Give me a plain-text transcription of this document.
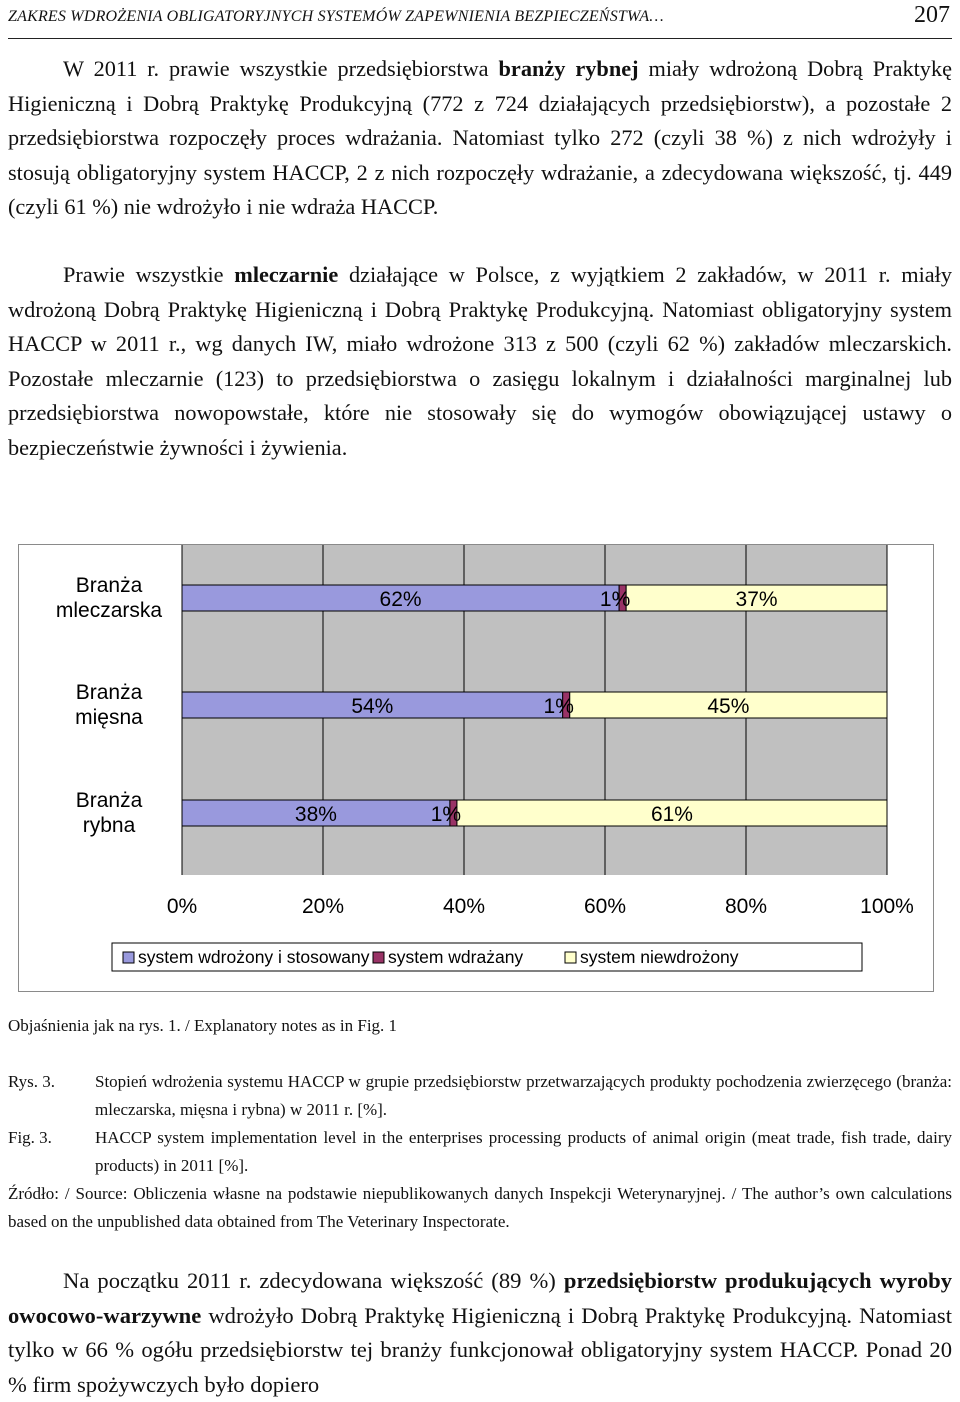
ZAKRES WDROŻENIA OBLIGATORYJNYCH SYSTEMÓW ZAPEWNIENIA BEZPIECZEŃSTWA…	207

W 2011 r. prawie wszystkie przedsiębiorstwa branży rybnej miały wdrożoną Dobrą Praktykę Higieniczną i Dobrą Praktykę Produkcyjną (772 z 724 działających przedsiębiorstw), a pozostałe 2 przedsiębiorstwa rozpoczęły proces wdrażania. Natomiast tylko 272 (czyli 38 %) z nich wdrożyły i stosują obligatoryjny system HACCP, 2 z nich rozpoczęły wdrażanie, a zdecydowana większość, tj. 449 (czyli 61 %) nie wdrożyło i nie wdraża HACCP.

Prawie wszystkie mleczarnie działające w Polsce, z wyjątkiem 2 zakładów, w 2011 r. miały wdrożoną Dobrą Praktykę Higieniczną i Dobrą Praktykę Produkcyjną. Natomiast obligatoryjny system HACCP w 2011 r., wg danych IW, miało wdrożone 313 z 500 (czyli 62 %) zakładów mleczarskich. Pozostałe mleczarnie (123) to przedsiębiorstwa o zasięgu lokalnym i działalności marginalnej lub przedsiębiorstwa nowopowstałe, które nie stosowały się do wymogów obowiązującej ustawy o bezpieczeństwie żywności i żywienia.

0%	20%	40%	60%	80%	100%
62%	1%	37%
Branża
mleczarska
54%	1%	45%
Branża
mięsna
38%	1%	61%
Branża
rybna
system wdrożony i stosowany system wdrażany	system niewdrożony
Objaśnienia jak na rys. 1. / Explanatory notes as in Fig. 1
Rys. 3. Stopień wdrożenia systemu HACCP w grupie przedsiębiorstw przetwarzających produkty pochodzenia zwierzęcego (branża: mleczarska, mięsna i rybna) w 2011 r. [%].
Fig. 3.	HACCP system implementation level in the enterprises processing products of animal origin (meat trade, fish trade, dairy products) in 2011 [%].
Źródło: / Source: Obliczenia własne na podstawie niepublikowanych danych Inspekcji Weterynaryjnej. / The author’s own calculations based on the unpublished data obtained from The Veterinary Inspectorate.

Na początku 2011 r. zdecydowana większość (89 %) przedsiębiorstw produkujących wyroby owocowo-warzywne wdrożyło Dobrą Praktykę Higieniczną i Dobrą Praktykę Produkcyjną. Natomiast tylko w 66 % ogółu przedsiębiorstw tej branży funkcjonował obligatoryjny system HACCP. Ponad 20 % firm spożywczych było dopiero
